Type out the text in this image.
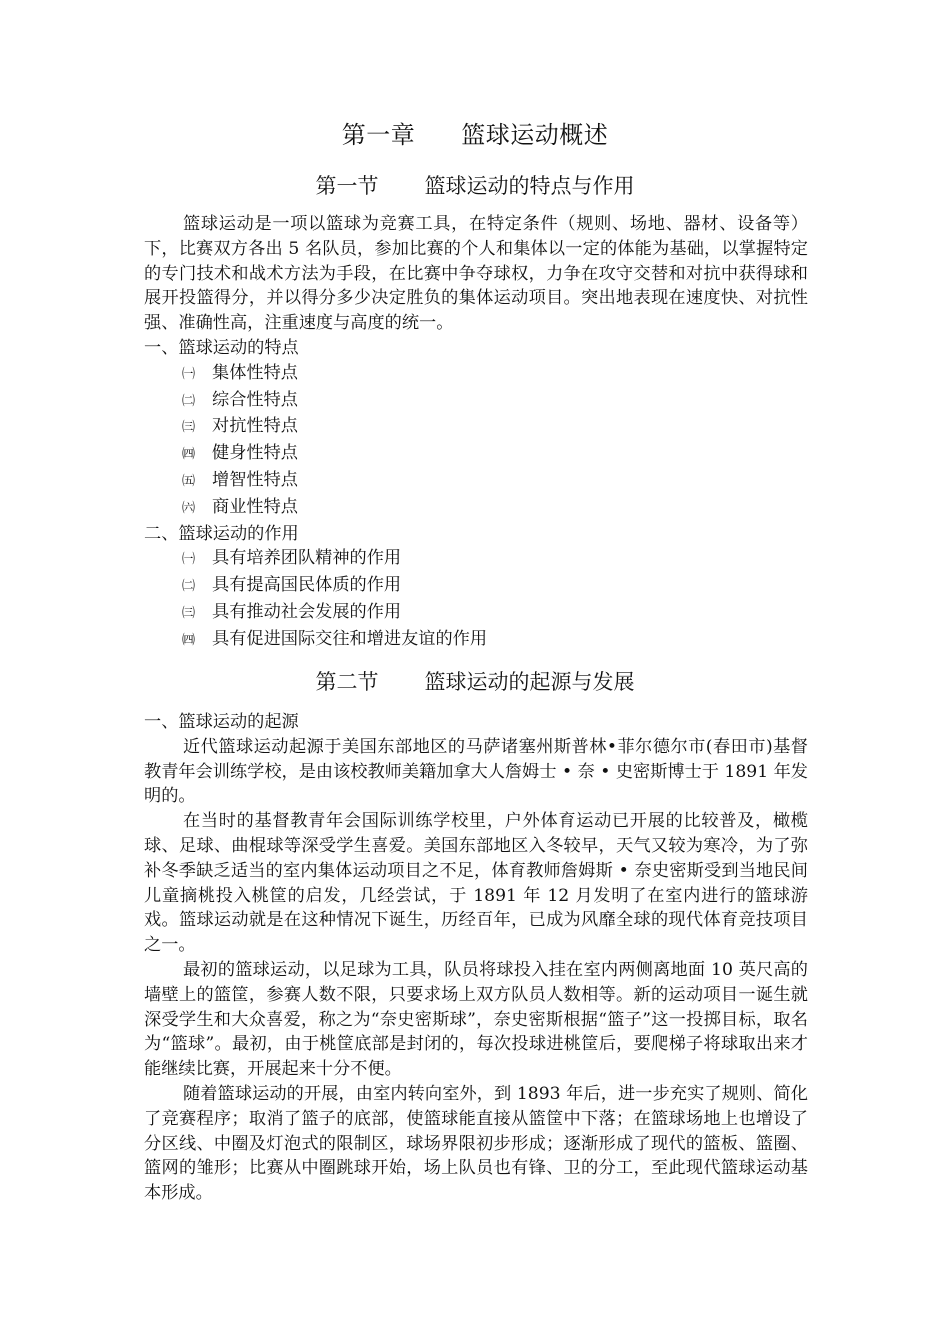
第一章 篮球运动概述
第一节 篮球运动的特点与作用

篮球运动是一项以篮球为竞赛工具，在特定条件（规则、场地、器材、设备等）下，比赛双方各出 5 名队员，参加比赛的个人和集体以一定的体能为基础，以掌握特定的专门技术和战术方法为手段，在比赛中争夺球权，力争在攻守交替和对抗中获得球和展开投篮得分，并以得分多少决定胜负的集体运动项目。突出地表现在速度快、对抗性强、准确性高，注重速度与高度的统一。

一、篮球运动的特点

㈠ 集体性特点

㈡ 综合性特点

㈢ 对抗性特点

㈣ 健身性特点

㈤ 增智性特点

㈥ 商业性特点

二、篮球运动的作用

㈠ 具有培养团队精神的作用

㈡ 具有提高国民体质的作用

㈢ 具有推动社会发展的作用

㈣ 具有促进国际交往和增进友谊的作用

第二节 篮球运动的起源与发展

一、篮球运动的起源

近代篮球运动起源于美国东部地区的马萨诸塞州斯普林•菲尔德尔市(春田市)基督教青年会训练学校，是由该校教师美籍加拿大人詹姆士 • 奈 • 史密斯博士于 1891 年发明的。

在当时的基督教青年会国际训练学校里，户外体育运动已开展的比较普及，橄榄球、足球、曲棍球等深受学生喜爱。美国东部地区入冬较早，天气又较为寒冷，为了弥补冬季缺乏适当的室内集体运动项目之不足，体育教师詹姆斯 • 奈史密斯受到当地民间儿童摘桃投入桃筐的启发，几经尝试，于 1891 年 12 月发明了在室内进行的篮球游戏。篮球运动就是在这种情况下诞生，历经百年，已成为风靡全球的现代体育竞技项目之一。

最初的篮球运动，以足球为工具，队员将球投入挂在室内两侧离地面 10 英尺高的墙壁上的篮筐，参赛人数不限，只要求场上双方队员人数相等。新的运动项目一诞生就深受学生和大众喜爱，称之为“奈史密斯球”，奈史密斯根据“篮子”这一投掷目标，取名为“篮球”。最初，由于桃筐底部是封闭的，每次投球进桃筐后，要爬梯子将球取出来才能继续比赛，开展起来十分不便。

随着篮球运动的开展，由室内转向室外，到 1893 年后，进一步充实了规则、简化了竞赛程序；取消了篮子的底部，使篮球能直接从篮筐中下落；在篮球场地上也增设了分区线、中圈及灯泡式的限制区，球场界限初步形成；逐渐形成了现代的篮板、篮圈、篮网的雏形；比赛从中圈跳球开始，场上队员也有锋、卫的分工，至此现代篮球运动基本形成。
